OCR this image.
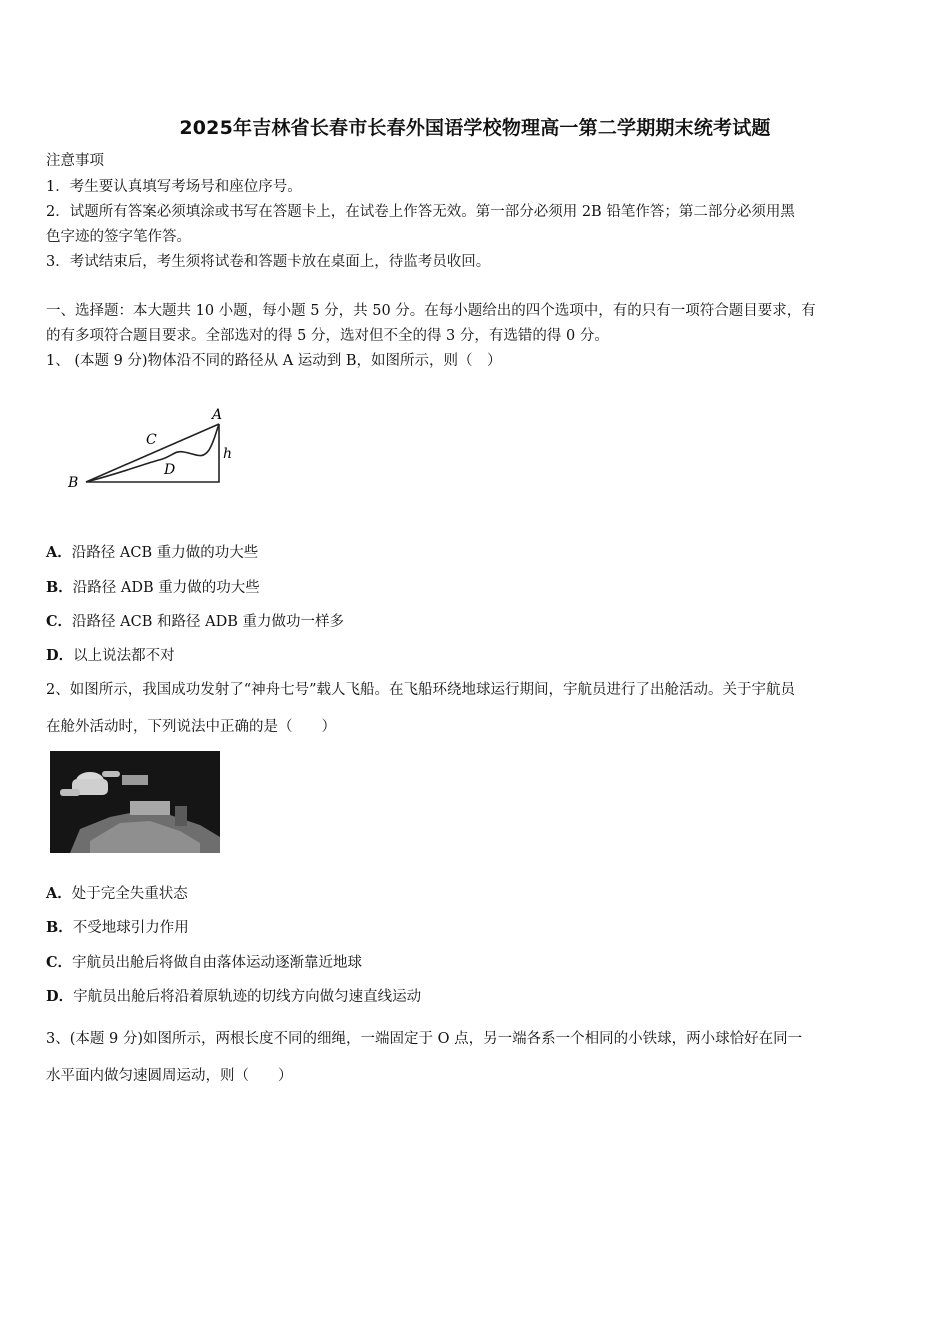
2025年吉林省长春市长春外国语学校物理高一第二学期期末统考试题
注意事项
1．考生要认真填写考场号和座位序号。
2．试题所有答案必须填涂或书写在答题卡上，在试卷上作答无效。第一部分必须用 2B 铅笔作答；第二部分必须用黑
色字迹的签字笔作答。
3．考试结束后，考生须将试卷和答题卡放在桌面上，待监考员收回。
一、选择题：本大题共 10 小题，每小题 5 分，共 50 分。在每小题给出的四个选项中，有的只有一项符合题目要求，有
的有多项符合题目要求。全部选对的得 5 分，选对但不全的得 3 分，有选错的得 0 分。
1、 (本题 9 分)物体沿不同的路径从 A 运动到 B，如图所示，则（　）
A
B
C
D
h
A．沿路径 ACB 重力做的功大些
B．沿路径 ADB 重力做的功大些
C．沿路径 ACB 和路径 ADB 重力做功一样多
D．以上说法都不对
2、如图所示，我国成功发射了“神舟七号”载人飞船。在飞船环绕地球运行期间，宇航员进行了出舱活动。关于宇航员
在舱外活动时，下列说法中正确的是（　　）
A．处于完全失重状态
B．不受地球引力作用
C．宇航员出舱后将做自由落体运动逐渐靠近地球
D．宇航员出舱后将沿着原轨迹的切线方向做匀速直线运动
3、(本题 9 分)如图所示，两根长度不同的细绳，一端固定于 O 点，另一端各系一个相同的小铁球，两小球恰好在同一
水平面内做匀速圆周运动，则（　　）
